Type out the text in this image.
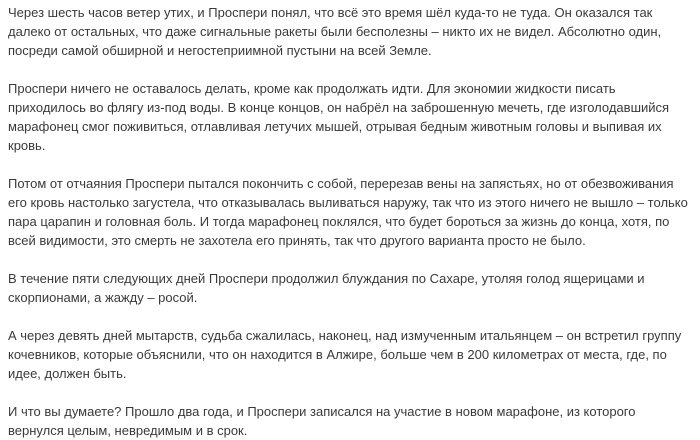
Через шесть часов ветер утих, и Проспери понял, что всё это время шёл куда-то не туда. Он оказался так далеко от остальных, что даже сигнальные ракеты были бесполезны – никто их не видел. Абсолютно один, посреди самой обширной и негостеприимной пустыни на всей Земле.

Проспери ничего не оставалось делать, кроме как продолжать идти. Для экономии жидкости писать приходилось во флягу из-под воды. В конце концов, он набрёл на заброшенную мечеть, где изголодавшийся марафонец смог поживиться, отлавливая летучих мышей, отрывая бедным животным головы и выпивая их кровь.

Потом от отчаяния Проспери пытался покончить с собой, перерезав вены на запястьях, но от обезвоживания его кровь настолько загустела, что отказывалась выливаться наружу, так что из этого ничего не вышло – только пара царапин и головная боль. И тогда марафонец поклялся, что будет бороться за жизнь до конца, хотя, по всей видимости, это смерть не захотела его принять, так что другого варианта просто не было.

В течение пяти следующих дней Проспери продолжил блуждания по Сахаре, утоляя голод ящерицами и скорпионами, а жажду – росой.

А через девять дней мытарств, судьба сжалилась, наконец, над измученным итальянцем – он встретил группу кочевников, которые объяснили, что он находится в Алжире, больше чем в 200 километрах от места, где, по идее, должен быть.

И что вы думаете? Прошло два года, и Проспери записался на участие в новом марафоне, из которого вернулся целым, невредимым и в срок.
